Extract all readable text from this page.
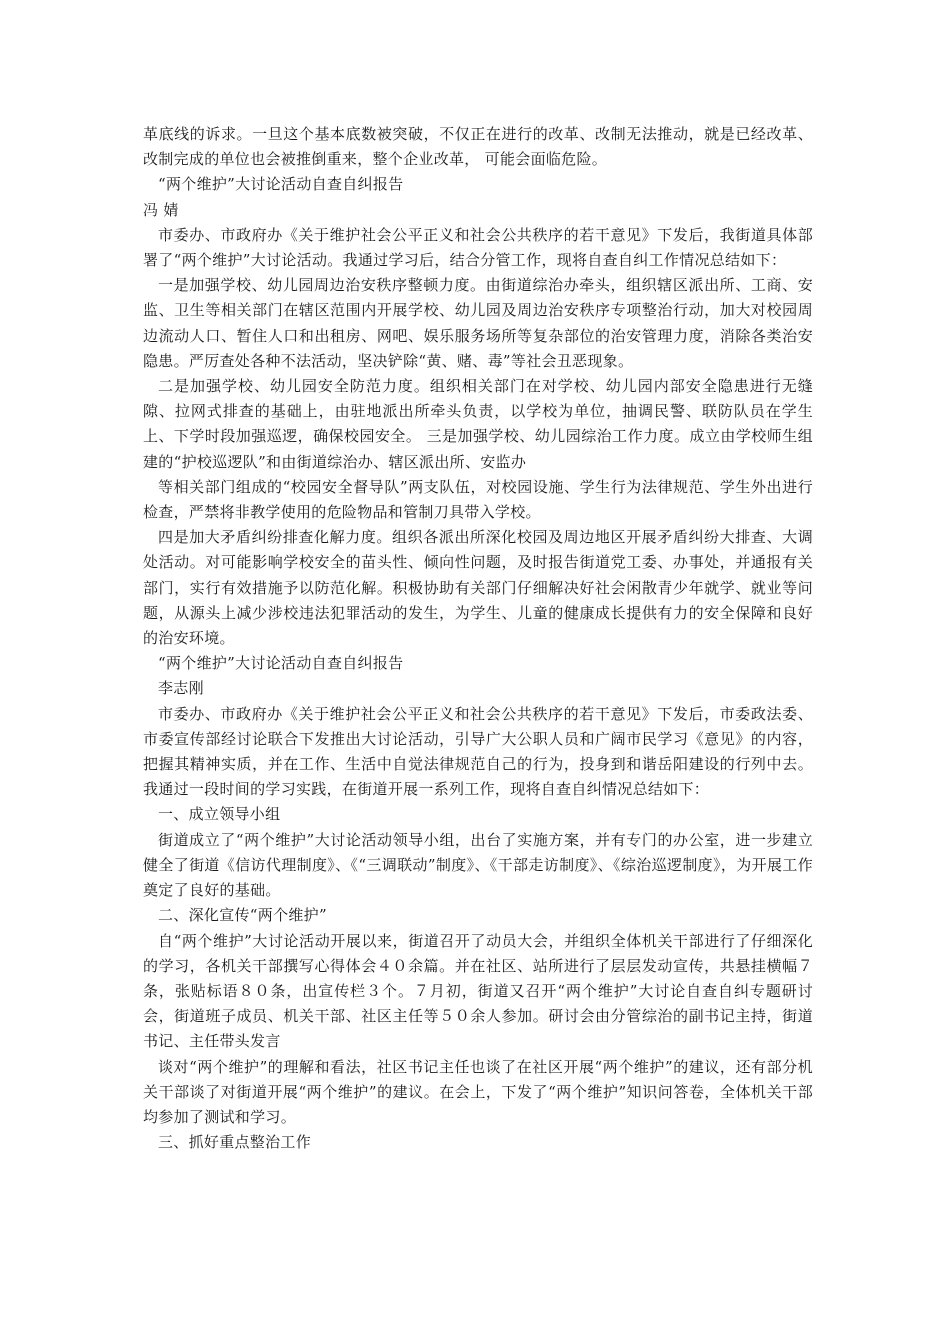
革底线的诉求。一旦这个基本底数被突破，不仅正在进行的改革、改制无法推动，就是已经改革、改制完成的单位也会被推倒重来，整个企业改革， 可能会面临危险。

“两个维护”大讨论活动自查自纠报告

冯 婧

市委办、市政府办《关于维护社会公平正义和社会公共秩序的若干意见》下发后，我街道具体部署了“两个维护”大讨论活动。我通过学习后，结合分管工作，现将自查自纠工作情况总结如下：

一是加强学校、幼儿园周边治安秩序整顿力度。由街道综治办牵头，组织辖区派出所、工商、安监、卫生等相关部门在辖区范围内开展学校、幼儿园及周边治安秩序专项整治行动，加大对校园周边流动人口、暂住人口和出租房、网吧、娱乐服务场所等复杂部位的治安管理力度，消除各类治安隐患。严厉查处各种不法活动，坚决铲除“黄、赌、毒”等社会丑恶现象。

二是加强学校、幼儿园安全防范力度。组织相关部门在对学校、幼儿园内部安全隐患进行无缝隙、拉网式排查的基础上，由驻地派出所牵头负责，以学校为单位，抽调民警、联防队员在学生上、下学时段加强巡逻，确保校园安全。 三是加强学校、幼儿园综治工作力度。成立由学校师生组建的“护校巡逻队”和由街道综治办、辖区派出所、安监办

等相关部门组成的“校园安全督导队”两支队伍，对校园设施、学生行为法律规范、学生外出进行检查，严禁将非教学使用的危险物品和管制刀具带入学校。

四是加大矛盾纠纷排查化解力度。组织各派出所深化校园及周边地区开展矛盾纠纷大排查、大调处活动。对可能影响学校安全的苗头性、倾向性问题，及时报告街道党工委、办事处，并通报有关部门，实行有效措施予以防范化解。积极协助有关部门仔细解决好社会闲散青少年就学、就业等问题，从源头上减少涉校违法犯罪活动的发生，为学生、儿童的健康成长提供有力的安全保障和良好的治安环境。

“两个维护”大讨论活动自查自纠报告

李志刚

市委办、市政府办《关于维护社会公平正义和社会公共秩序的若干意见》下发后，市委政法委、市委宣传部经讨论联合下发推出大讨论活动，引导广大公职人员和广阔市民学习《意见》的内容，把握其精神实质，并在工作、生活中自觉法律规范自己的行为，投身到和谐岳阳建设的行列中去。我通过一段时间的学习实践，在街道开展一系列工作，现将自查自纠情况总结如下：

一、成立领导小组

街道成立了“两个维护”大讨论活动领导小组，出台了实施方案，并有专门的办公室，进一步建立健全了街道《信访代理制度》、《“三调联动”制度》、《干部走访制度》、《综治巡逻制度》，为开展工作奠定了良好的基础。

二、深化宣传“两个维护”

自“两个维护”大讨论活动开展以来，街道召开了动员大会，并组织全体机关干部进行了仔细深化的学习，各机关干部撰写心得体会４０余篇。并在社区、站所进行了层层发动宣传，共悬挂横幅７条，张贴标语８０条，出宣传栏３个。７月初，街道又召开“两个维护”大讨论自查自纠专题研讨会，街道班子成员、机关干部、社区主任等５０余人参加。研讨会由分管综治的副书记主持，街道书记、主任带头发言

谈对“两个维护”的理解和看法，社区书记主任也谈了在社区开展“两个维护”的建议，还有部分机关干部谈了对街道开展“两个维护”的建议。在会上，下发了“两个维护”知识问答卷，全体机关干部均参加了测试和学习。

三、抓好重点整治工作
